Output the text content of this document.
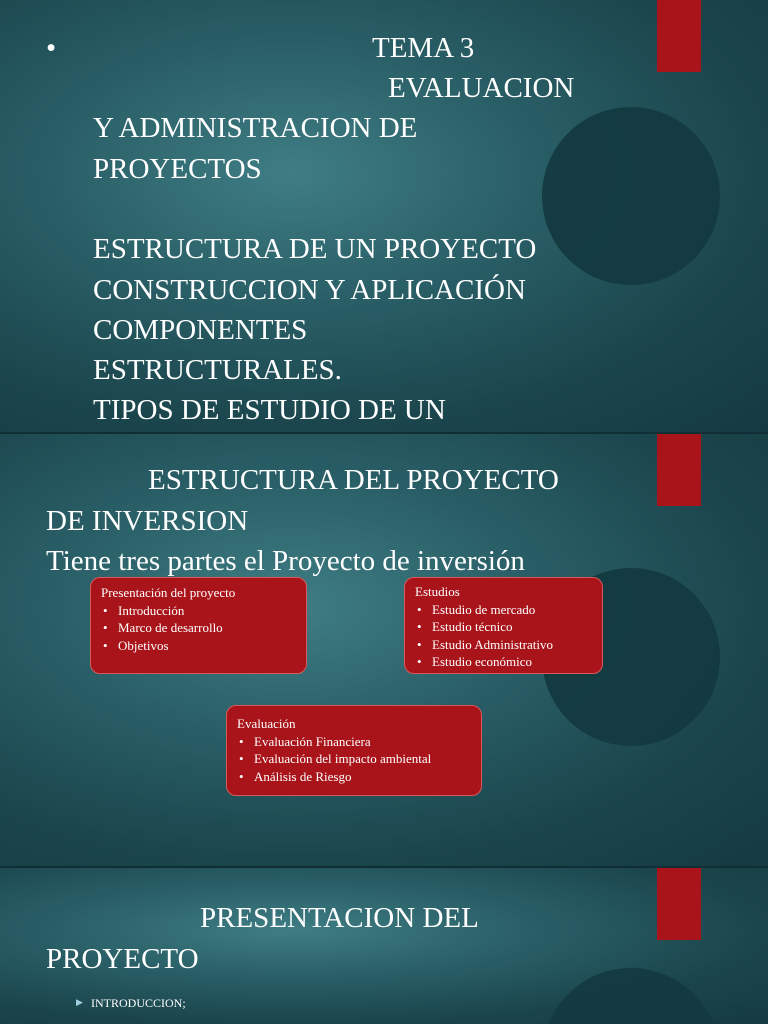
•	TEMA 3
EVALUACION
Y ADMINISTRACION DE
PROYECTOS
ESTRUCTURA DE UN PROYECTO
CONSTRUCCION Y APLICACIÓN
COMPONENTES
ESTRUCTURALES.
TIPOS DE ESTUDIO DE UN
ESTRUCTURA DEL PROYECTO
DE INVERSION
Tiene tres partes el Proyecto de inversión
Presentación del proyecto
• Introducción
• Marco de desarrollo
• Objetivos
Estudios
• Estudio de mercado
• Estudio técnico
• Estudio Administrativo
• Estudio económico
Evaluación
• Evaluación Financiera
• Evaluación del impacto ambiental
• Análisis de Riesgo
PRESENTACION DEL
PROYECTO
▶ INTRODUCCION;
